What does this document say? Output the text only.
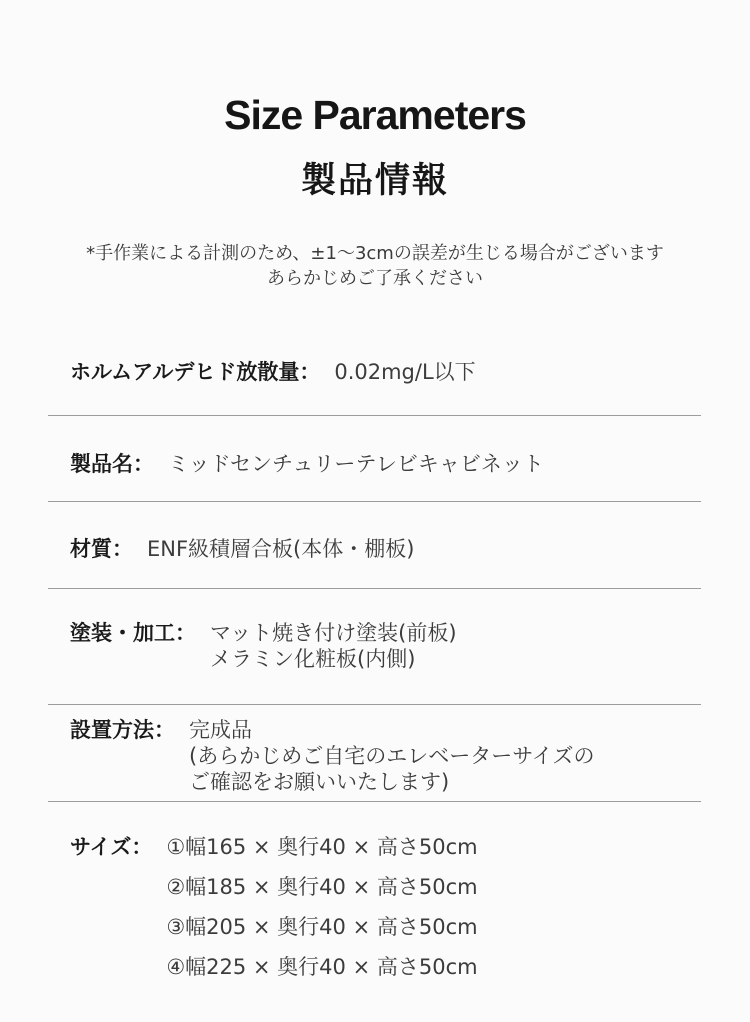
Size Parameters
製品情報
*手作業による計測のため、±1～3cmの誤差が生じる場合がございます
あらかじめご了承ください
ホルムアルデヒド放散量： 0.02mg/L以下
製品名： ミッドセンチュリーテレビキャビネット
材質： ENF級積層合板(本体・棚板)
塗装・加工： マット焼き付け塗装(前板)
メラミン化粧板(内側)
設置方法： 完成品
(あらかじめご自宅のエレベーターサイズの
ご確認をお願いいたします)
サイズ： ①幅165 × 奥行40 × 高さ50cm
②幅185 × 奥行40 × 高さ50cm
③幅205 × 奥行40 × 高さ50cm
④幅225 × 奥行40 × 高さ50cm
